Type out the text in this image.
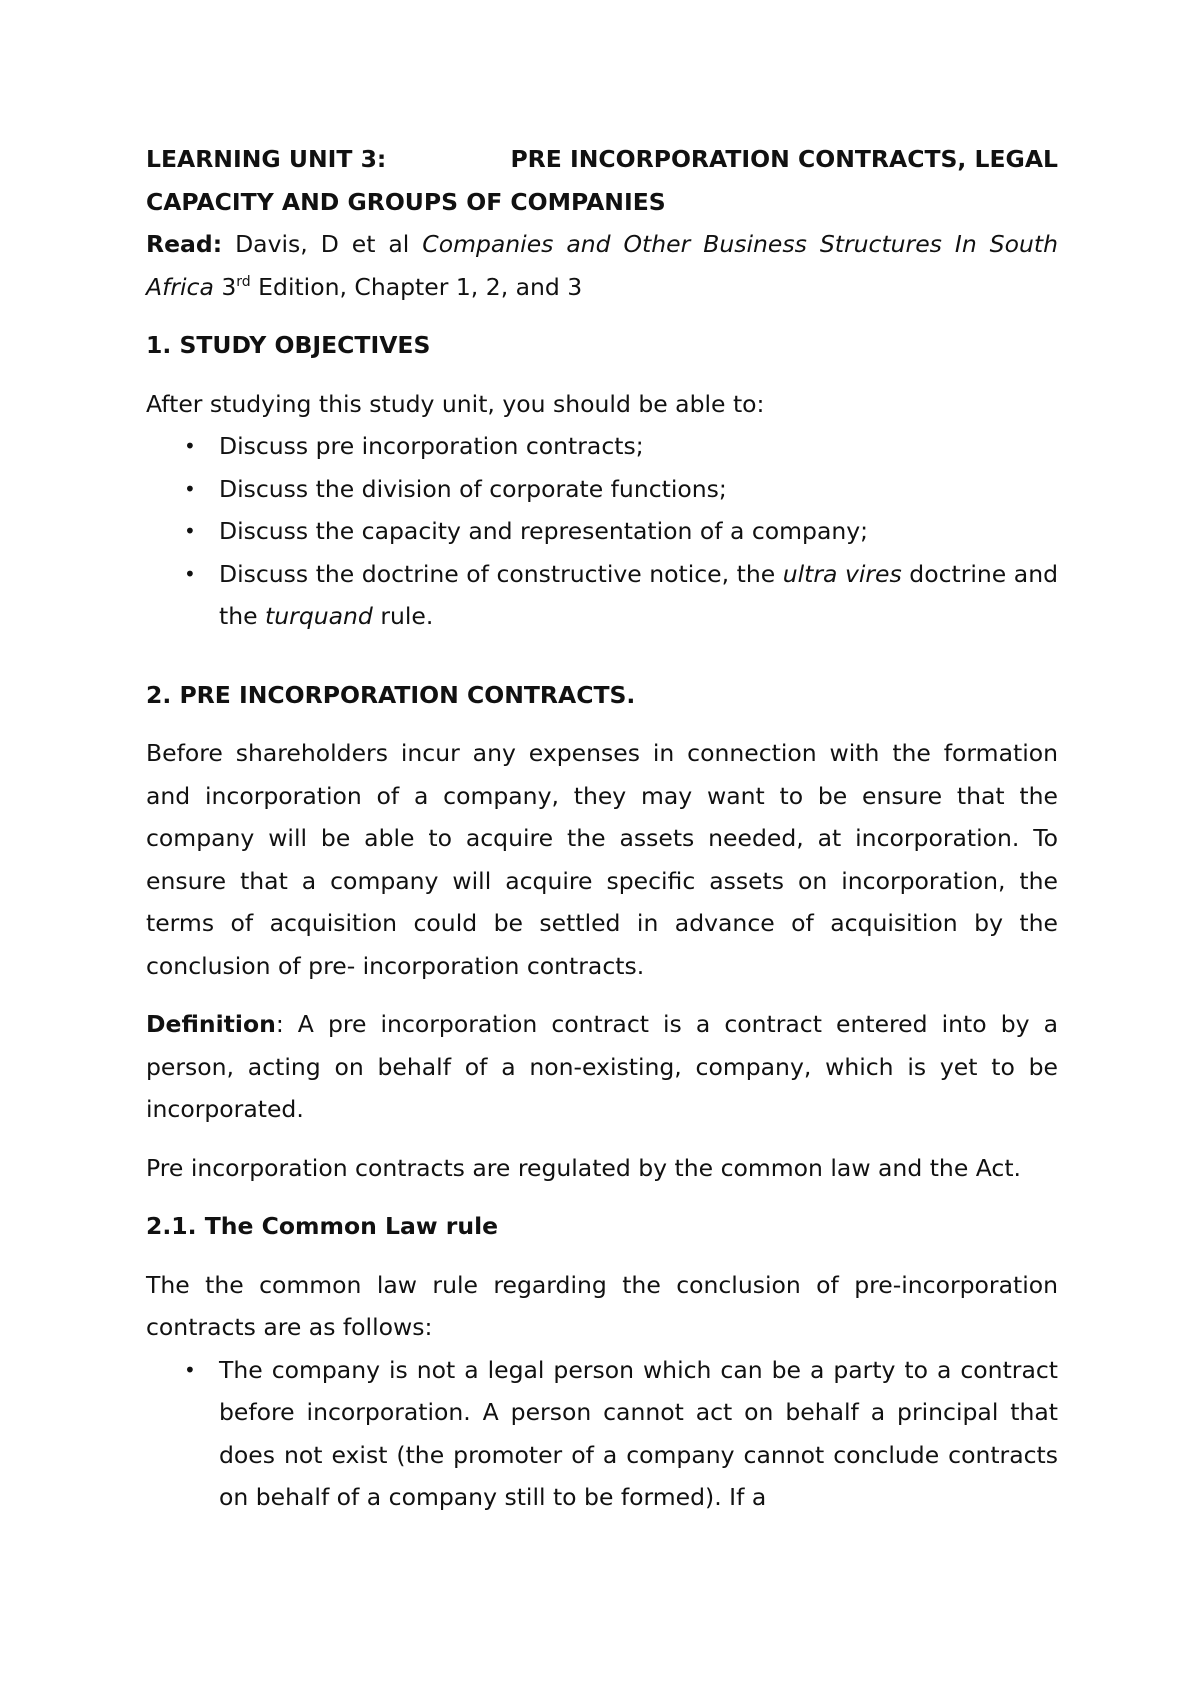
LEARNING UNIT 3:	PRE INCORPORATION CONTRACTS, LEGAL

CAPACITY AND GROUPS OF COMPANIES

Read: Davis, D et al Companies and Other Business Structures In South Africa 3rd Edition, Chapter 1, 2, and 3

1. STUDY OBJECTIVES

After studying this study unit, you should be able to:

• Discuss pre incorporation contracts;
• Discuss the division of corporate functions;
• Discuss the capacity and representation of a company;
• Discuss the doctrine of constructive notice, the ultra vires doctrine and the turquand rule.
2. PRE INCORPORATION CONTRACTS.

Before shareholders incur any expenses in connection with the formation and incorporation of a company, they may want to be ensure that the company will be able to acquire the assets needed, at incorporation. To ensure that a company will acquire specific assets on incorporation, the terms of acquisition could be settled in advance of acquisition by the conclusion of pre- incorporation contracts.

Definition: A pre incorporation contract is a contract entered into by a person, acting on behalf of a non-existing, company, which is yet to be incorporated.

Pre incorporation contracts are regulated by the common law and the Act.

2.1. The Common Law rule

The the common law rule regarding the conclusion of pre-incorporation contracts are as follows:

• The company is not a legal person which can be a party to a contract before incorporation. A person cannot act on behalf a principal that does not exist (the promoter of a company cannot conclude contracts on behalf of a company still to be formed). If a
